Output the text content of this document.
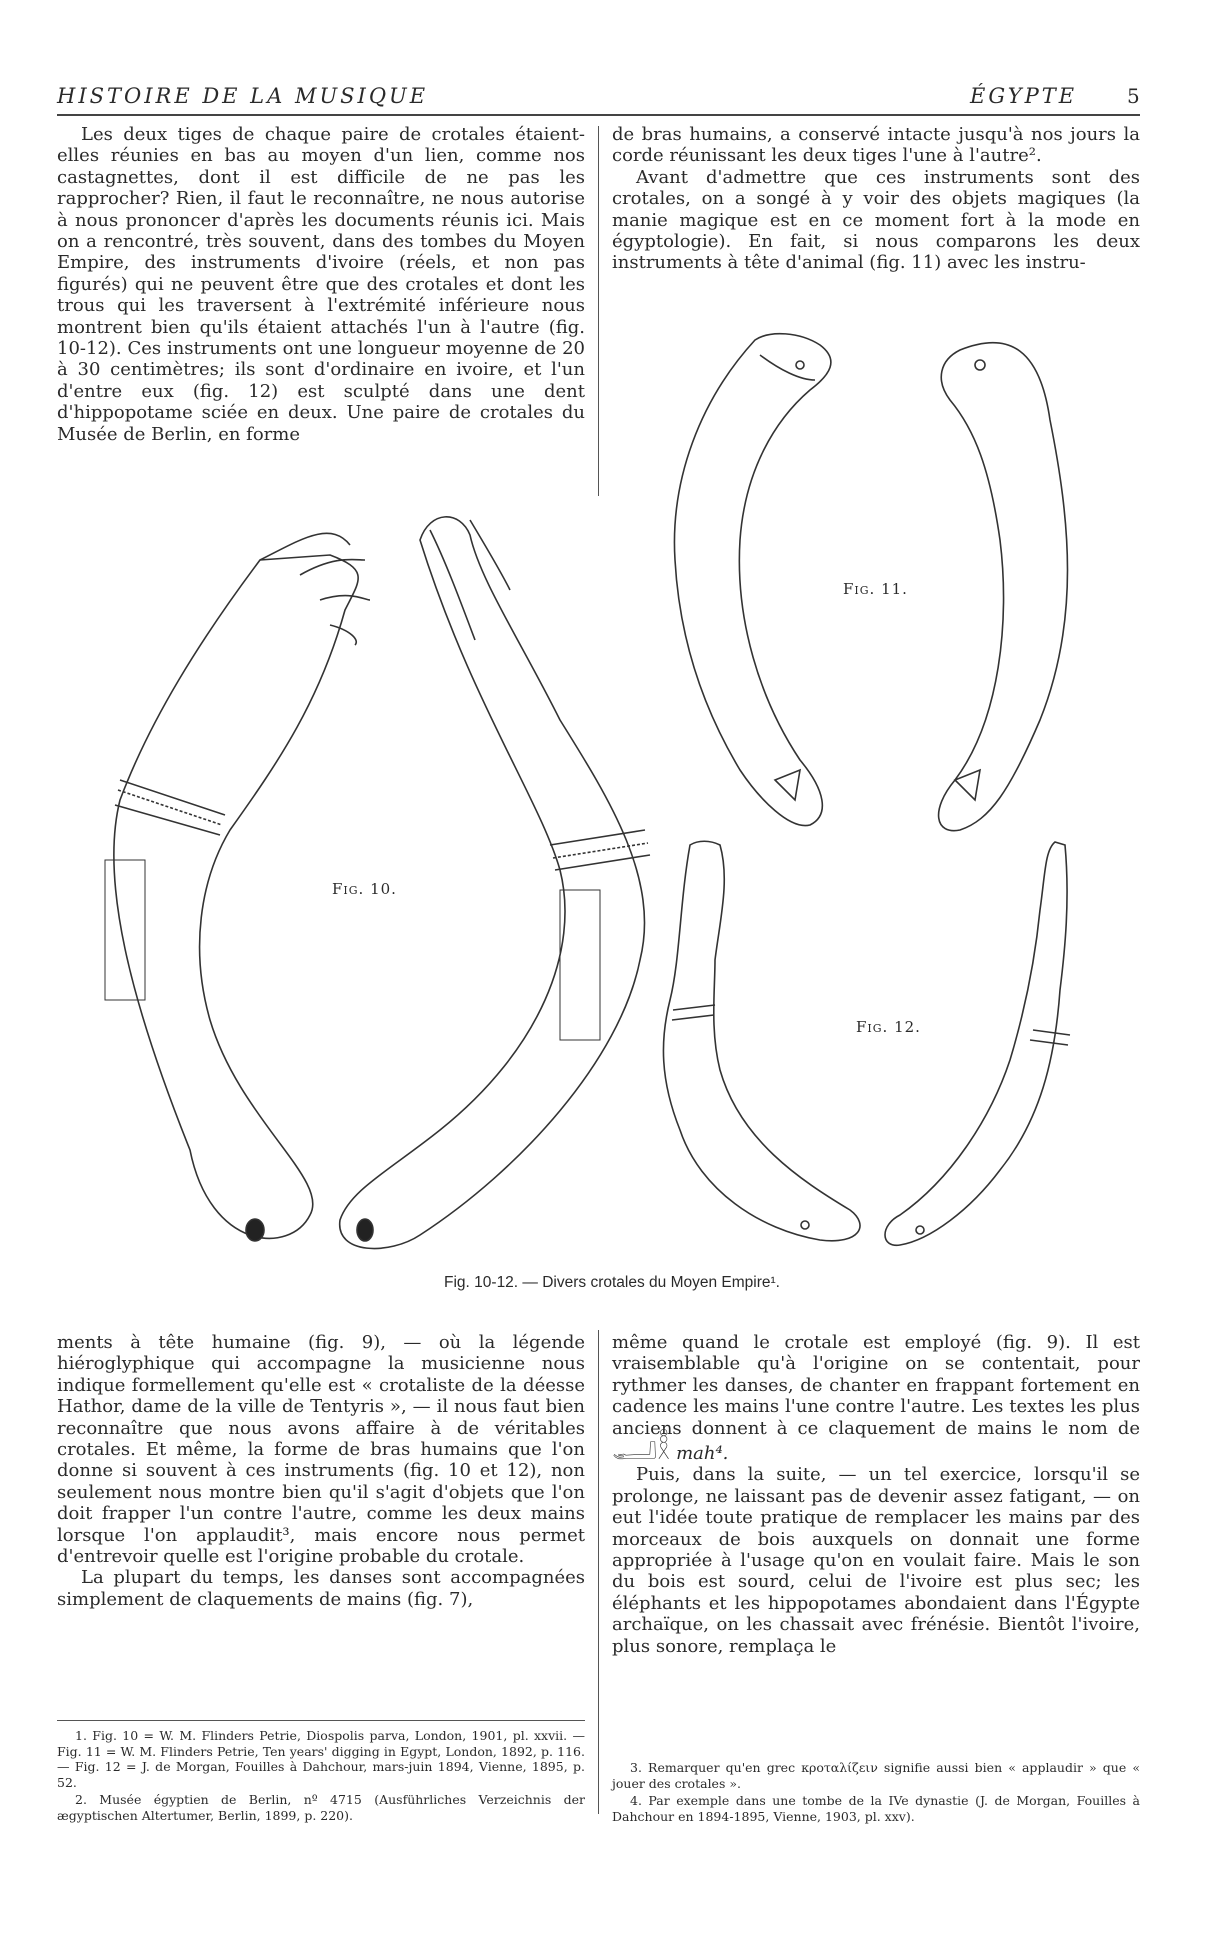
HISTOIRE DE LA MUSIQUE	ÉGYPTE 5

Les deux tiges de chaque paire de crotales étaient-elles réunies en bas au moyen d'un lien, comme nos castagnettes, dont il est difficile de ne pas les rapprocher? Rien, il faut le reconnaître, ne nous autorise à nous prononcer d'après les documents réunis ici. Mais on a rencontré, très souvent, dans des tombes du Moyen Empire, des instruments d'ivoire (réels, et non pas figurés) qui ne peuvent être que des crotales et dont les trous qui les traversent à l'extrémité inférieure nous montrent bien qu'ils étaient attachés l'un à l'autre (fig. 10-12). Ces instruments ont une longueur moyenne de 20 à 30 centimètres; ils sont d'ordinaire en ivoire, et l'un d'entre eux (fig. 12) est sculpté dans une dent d'hippopotame sciée en deux. Une paire de crotales du Musée de Berlin, en forme

de bras humains, a conservé intacte jusqu'à nos jours la corde réunissant les deux tiges l'une à l'autre².

Avant d'admettre que ces instruments sont des crotales, on a songé à y voir des objets magiques (la manie magique est en ce moment fort à la mode en égyptologie). En fait, si nous comparons les deux instruments à tête d'animal (fig. 11) avec les instru-

Fig. 10.
Fig. 11.
Fig. 12.
Fig. 10-12. — Divers crotales du Moyen Empire¹.

ments à tête humaine (fig. 9), — où la légende hiéroglyphique qui accompagne la musicienne nous indique formellement qu'elle est « crotaliste de la déesse Hathor, dame de la ville de Tentyris », — il nous faut bien reconnaître que nous avons affaire à de véritables crotales. Et même, la forme de bras humains que l'on donne si souvent à ces instruments (fig. 10 et 12), non seulement nous montre bien qu'il s'agit d'objets que l'on doit frapper l'un contre l'autre, comme les deux mains lorsque l'on applaudit³, mais encore nous permet d'entrevoir quelle est l'origine probable du crotale.

La plupart du temps, les danses sont accompagnées simplement de claquements de mains (fig. 7),

même quand le crotale est employé (fig. 9). Il est vraisemblable qu'à l'origine on se contentait, pour rythmer les danses, de chanter en frappant fortement en cadence les mains l'une contre l'autre. Les textes les plus anciens donnent à ce claquement de mains le nom de 𓂝𓎛 mah⁴.

Puis, dans la suite, — un tel exercice, lorsqu'il se prolonge, ne laissant pas de devenir assez fatigant, — on eut l'idée toute pratique de remplacer les mains par des morceaux de bois auxquels on donnait une forme appropriée à l'usage qu'on en voulait faire. Mais le son du bois est sourd, celui de l'ivoire est plus sec; les éléphants et les hippopotames abondaient dans l'Égypte archaïque, on les chassait avec frénésie. Bientôt l'ivoire, plus sonore, remplaça le

1. Fig. 10 = W. M. Flinders Petrie, Diospolis parva, London, 1901, pl. xxvii. — Fig. 11 = W. M. Flinders Petrie, Ten years' digging in Egypt, London, 1892, p. 116. — Fig. 12 = J. de Morgan, Fouilles à Dahchour, mars-juin 1894, Vienne, 1895, p. 52.

2. Musée égyptien de Berlin, nº 4715 (Ausführliches Verzeichnis der ægyptischen Altertumer, Berlin, 1899, p. 220).

3. Remarquer qu'en grec κροταλίζειν signifie aussi bien « applaudir » que « jouer des crotales ».

4. Par exemple dans une tombe de la IVe dynastie (J. de Morgan, Fouilles à Dahchour en 1894-1895, Vienne, 1903, pl. xxv).
